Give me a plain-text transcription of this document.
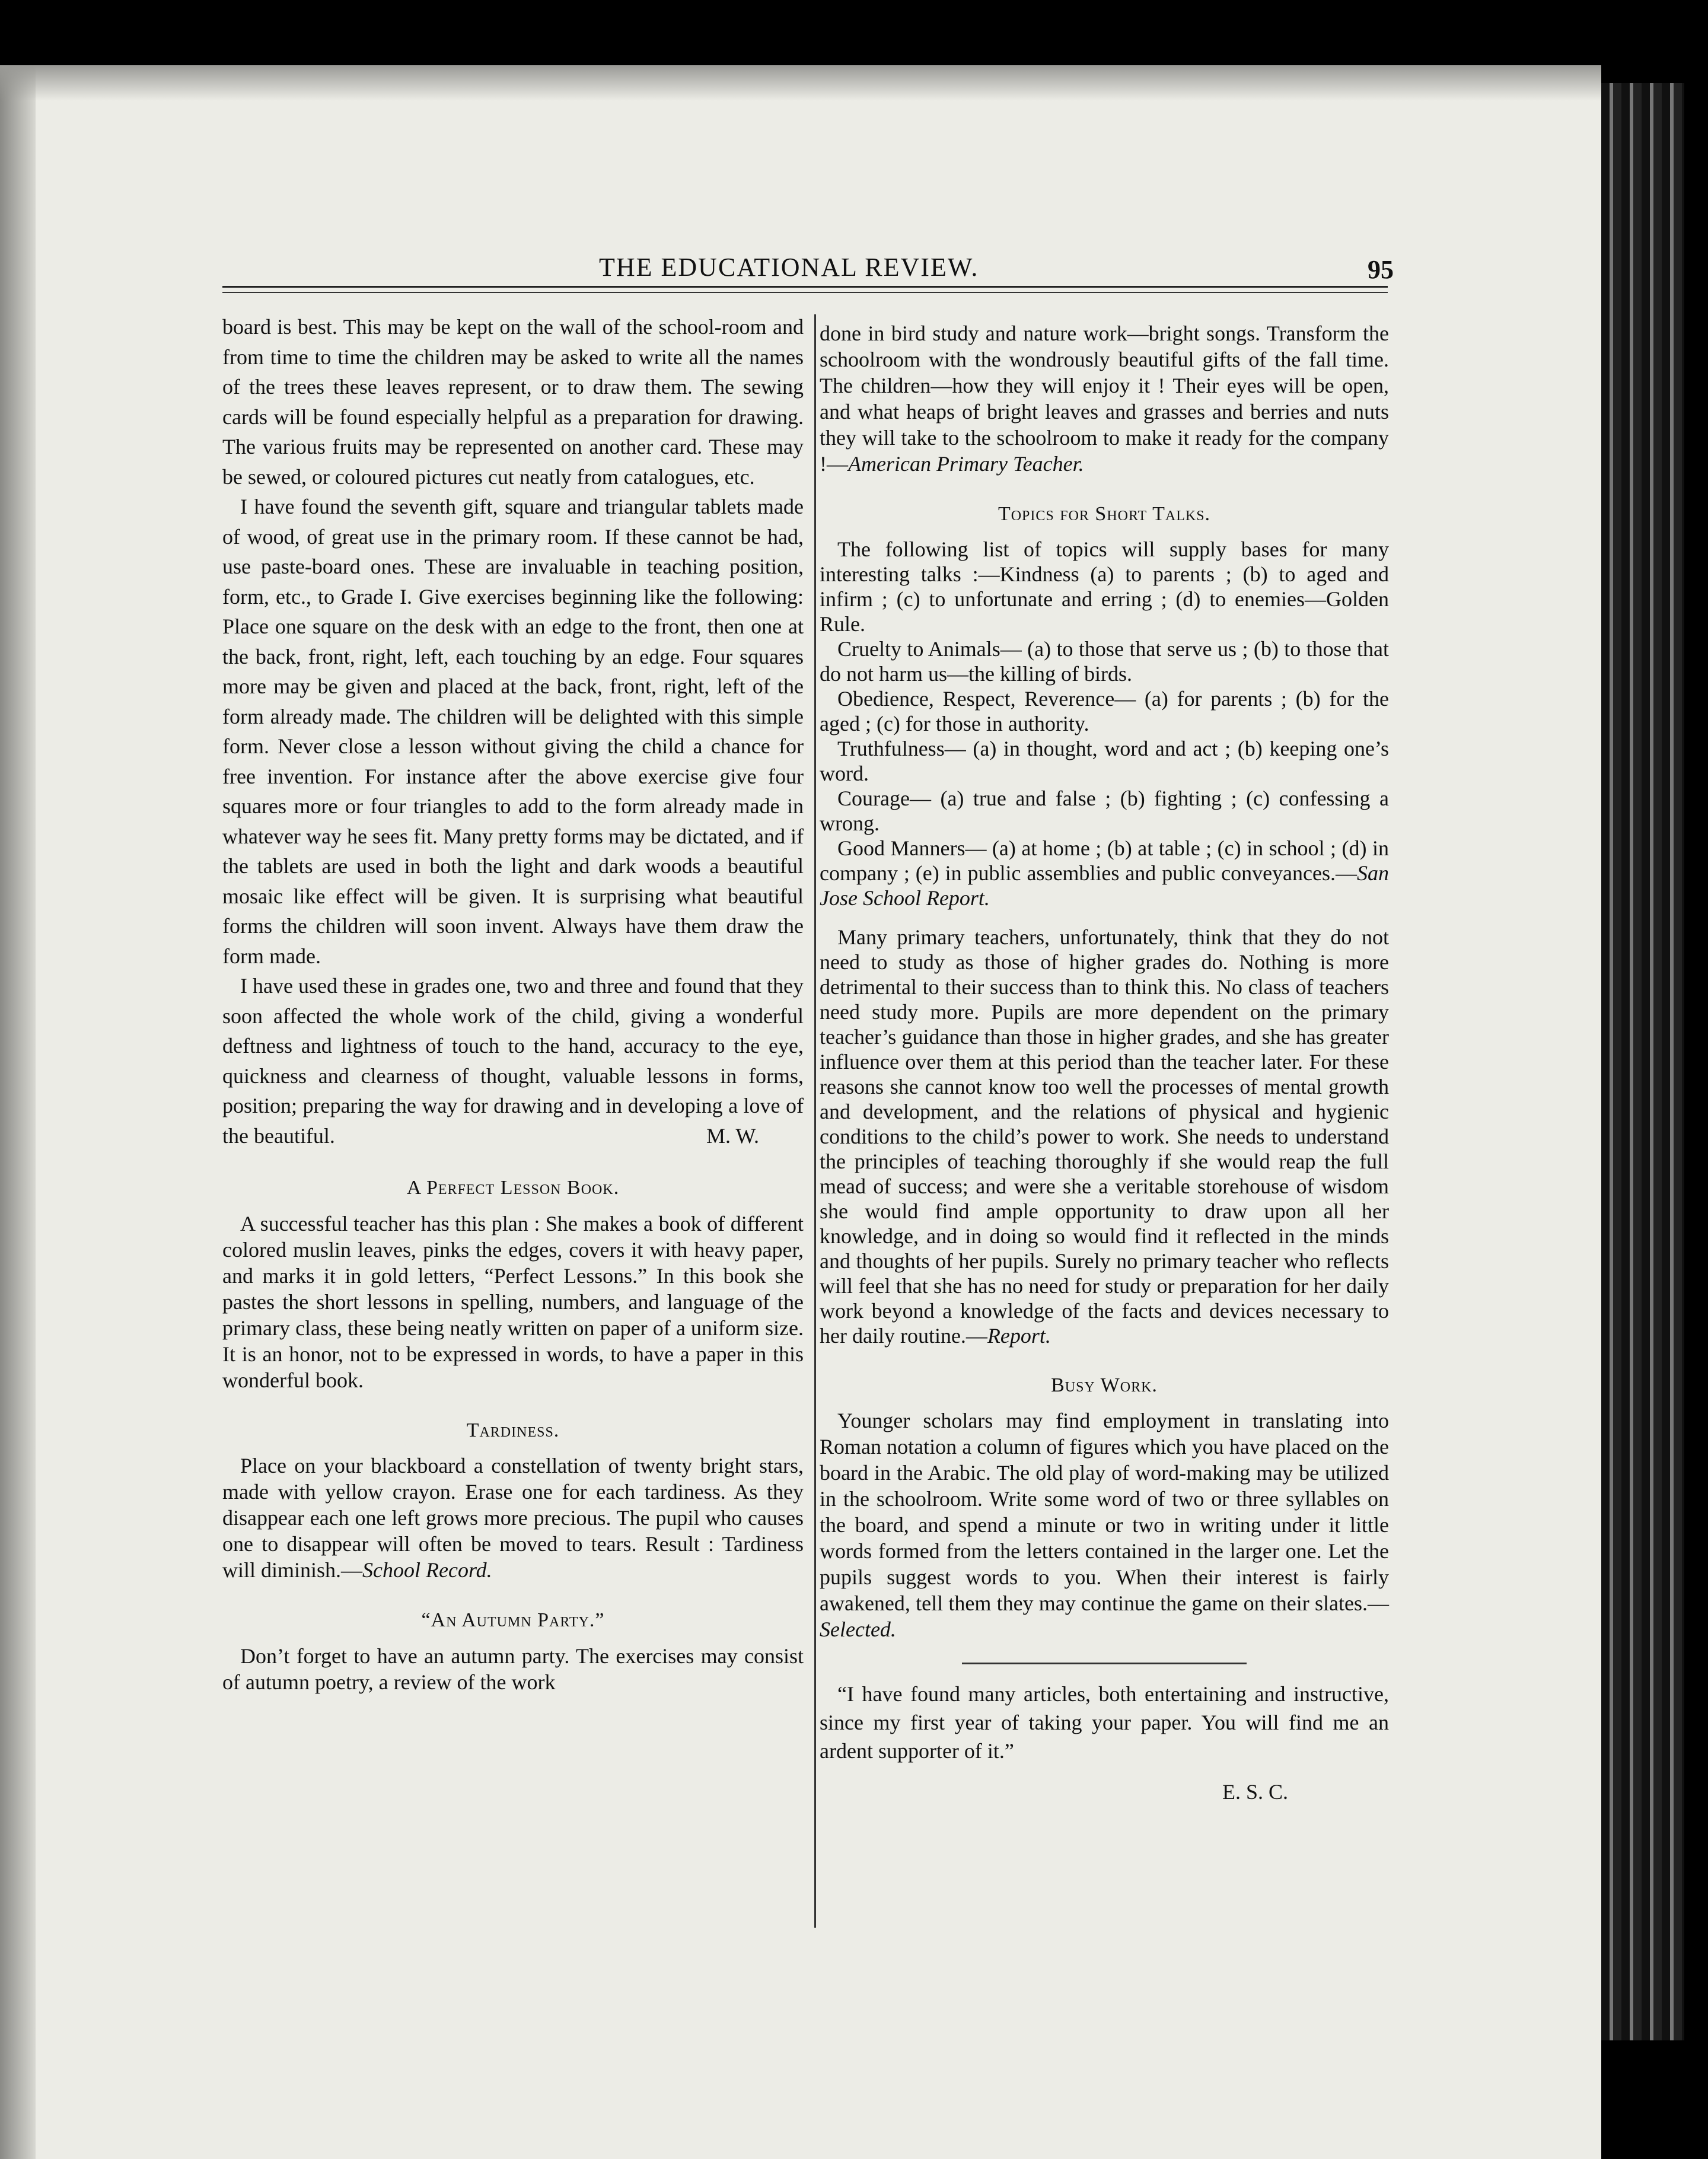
THE EDUCATIONAL REVIEW.	95

board is best. This may be kept on the wall of the school-room and from time to time the children may be asked to write all the names of the trees these leaves represent, or to draw them. The sewing cards will be found especially helpful as a preparation for drawing. The various fruits may be represented on another card. These may be sewed, or coloured pictures cut neatly from catalogues, etc.

I have found the seventh gift, square and triangular tablets made of wood, of great use in the primary room. If these cannot be had, use paste-board ones. These are invaluable in teaching position, form, etc., to Grade I. Give exercises beginning like the following: Place one square on the desk with an edge to the front, then one at the back, front, right, left, each touching by an edge. Four squares more may be given and placed at the back, front, right, left of the form already made. The children will be delighted with this simple form. Never close a lesson without giving the child a chance for free invention. For instance after the above exercise give four squares more or four triangles to add to the form already made in whatever way he sees fit. Many pretty forms may be dictated, and if the tablets are used in both the light and dark woods a beautiful mosaic like effect will be given. It is surprising what beautiful forms the children will soon invent. Always have them draw the form made.

I have used these in grades one, two and three and found that they soon affected the whole work of the child, giving a wonderful deftness and lightness of touch to the hand, accuracy to the eye, quickness and clearness of thought, valuable lessons in forms, position; preparing the way for drawing and in developing a love of the beautiful.	M. W.

A Perfect Lesson Book.

A successful teacher has this plan : She makes a book of different colored muslin leaves, pinks the edges, covers it with heavy paper, and marks it in gold letters, “Perfect Lessons.” In this book she pastes the short lessons in spelling, numbers, and language of the primary class, these being neatly written on paper of a uniform size. It is an honor, not to be expressed in words, to have a paper in this wonderful book.

Tardiness.

Place on your blackboard a constellation of twenty bright stars, made with yellow crayon. Erase one for each tardiness. As they disappear each one left grows more precious. The pupil who causes one to disappear will often be moved to tears. Result : Tardiness will diminish.—School Record.

“An Autumn Party.”

Don’t forget to have an autumn party. The exercises may consist of autumn poetry, a review of the work

done in bird study and nature work—bright songs. Transform the schoolroom with the wondrously beautiful gifts of the fall time. The children—how they will enjoy it ! Their eyes will be open, and what heaps of bright leaves and grasses and berries and nuts they will take to the schoolroom to make it ready for the company !—American Primary Teacher.

Topics for Short Talks.

The following list of topics will supply bases for many interesting talks :—Kindness (a) to parents ; (b) to aged and infirm ; (c) to unfortunate and erring ; (d) to enemies—Golden Rule.

Cruelty to Animals— (a) to those that serve us ; (b) to those that do not harm us—the killing of birds.

Obedience, Respect, Reverence— (a) for parents ; (b) for the aged ; (c) for those in authority.

Truthfulness— (a) in thought, word and act ; (b) keeping one’s word.

Courage— (a) true and false ; (b) fighting ; (c) confessing a wrong.

Good Manners— (a) at home ; (b) at table ; (c) in school ; (d) in company ; (e) in public assemblies and public conveyances.—San Jose School Report.

Many primary teachers, unfortunately, think that they do not need to study as those of higher grades do. Nothing is more detrimental to their success than to think this. No class of teachers need study more. Pupils are more dependent on the primary teacher’s guidance than those in higher grades, and she has greater influence over them at this period than the teacher later. For these reasons she cannot know too well the processes of mental growth and development, and the relations of physical and hygienic conditions to the child’s power to work. She needs to understand the principles of teaching thoroughly if she would reap the full mead of success; and were she a veritable storehouse of wisdom she would find ample opportunity to draw upon all her knowledge, and in doing so would find it reflected in the minds and thoughts of her pupils. Surely no primary teacher who reflects will feel that she has no need for study or preparation for her daily work beyond a knowledge of the facts and devices necessary to her daily routine.—Report.

Busy Work.

Younger scholars may find employment in translating into Roman notation a column of figures which you have placed on the board in the Arabic. The old play of word-making may be utilized in the schoolroom. Write some word of two or three syllables on the board, and spend a minute or two in writing under it little words formed from the letters contained in the larger one. Let the pupils suggest words to you. When their interest is fairly awakened, tell them they may continue the game on their slates.—Selected.

“I have found many articles, both entertaining and instructive, since my first year of taking your paper. You will find me an ardent supporter of it.”

E. S. C.
